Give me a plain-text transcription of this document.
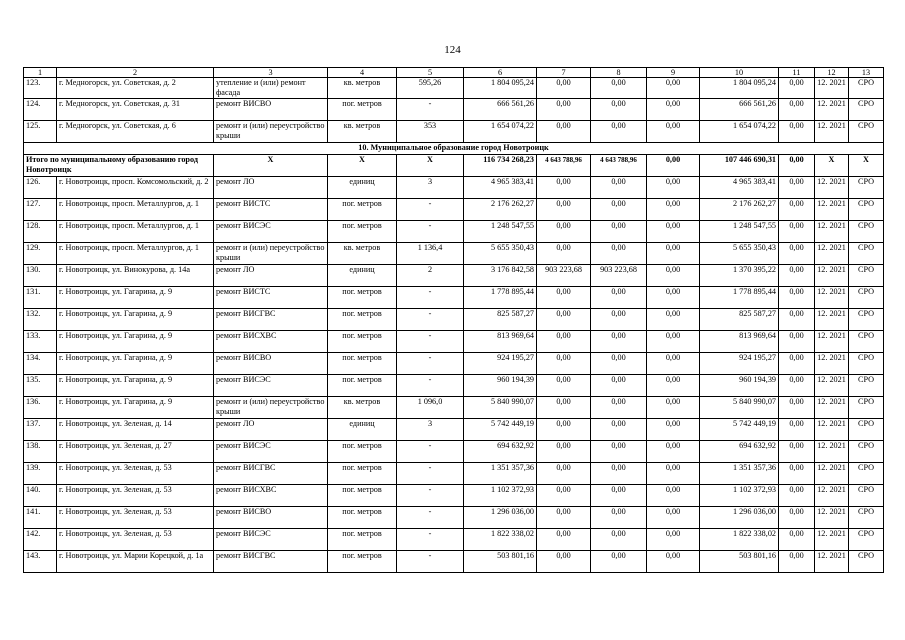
124
1	2	3	4	5	6	7	8	9	10	11	12	13
123.	г. Медногорск, ул. Советская, д. 2	утепление и (или) ремонт фасада	кв. метров	595,26	1 804 095,24	0,00	0,00	0,00	1 804 095,24	0,00	12. 2021	СРО
124.	г. Медногорск, ул. Советская, д. 31	ремонт ВИСВО	пог. метров	-	666 561,26	0,00	0,00	0,00	666 561,26	0,00	12. 2021	СРО
125.	г. Медногорск, ул. Советская, д. 6	ремонт и (или) переустройство крыши	кв. метров	353	1 654 074,22	0,00	0,00	0,00	1 654 074,22	0,00	12. 2021	СРО
10. Муниципальное образование город Новотроицк												
Итого по муниципальному образованию город Новотроицк		Х	Х	Х	116 734 268,23	4 643 788,96	4 643 788,96	0,00	107 446 690,31	0,00	Х	Х
126.	г. Новотроицк, просп. Комсомольский, д. 2	ремонт ЛО	единиц	3	4 965 383,41	0,00	0,00	0,00	4 965 383,41	0,00	12. 2021	СРО
127.	г. Новотроицк, просп. Металлургов, д. 1	ремонт ВИСТС	пог. метров	-	2 176 262,27	0,00	0,00	0,00	2 176 262,27	0,00	12. 2021	СРО
128.	г. Новотроицк, просп. Металлургов, д. 1	ремонт ВИСЭС	пог. метров	-	1 248 547,55	0,00	0,00	0,00	1 248 547,55	0,00	12. 2021	СРО
129.	г. Новотроицк, просп. Металлургов, д. 1	ремонт и (или) переустройство крыши	кв. метров	1 136,4	5 655 350,43	0,00	0,00	0,00	5 655 350,43	0,00	12. 2021	СРО
130.	г. Новотроицк, ул. Винокурова, д. 14а	ремонт ЛО	единиц	2	3 176 842,58	903 223,68	903 223,68	0,00	1 370 395,22	0,00	12. 2021	СРО
131.	г. Новотроицк, ул. Гагарина, д. 9	ремонт ВИСТС	пог. метров	-	1 778 895,44	0,00	0,00	0,00	1 778 895,44	0,00	12. 2021	СРО
132.	г. Новотроицк, ул. Гагарина, д. 9	ремонт ВИСГВС	пог. метров	-	825 587,27	0,00	0,00	0,00	825 587,27	0,00	12. 2021	СРО
133.	г. Новотроицк, ул. Гагарина, д. 9	ремонт ВИСХВС	пог. метров	-	813 969,64	0,00	0,00	0,00	813 969,64	0,00	12. 2021	СРО
134.	г. Новотроицк, ул. Гагарина, д. 9	ремонт ВИСВО	пог. метров	-	924 195,27	0,00	0,00	0,00	924 195,27	0,00	12. 2021	СРО
135.	г. Новотроицк, ул. Гагарина, д. 9	ремонт ВИСЭС	пог. метров	-	960 194,39	0,00	0,00	0,00	960 194,39	0,00	12. 2021	СРО
136.	г. Новотроицк, ул. Гагарина, д. 9	ремонт и (или) переустройство крыши	кв. метров	1 096,0	5 840 990,07	0,00	0,00	0,00	5 840 990,07	0,00	12. 2021	СРО
137.	г. Новотроицк, ул. Зеленая, д. 14	ремонт ЛО	единиц	3	5 742 449,19	0,00	0,00	0,00	5 742 449,19	0,00	12. 2021	СРО
138.	г. Новотроицк, ул. Зеленая, д. 27	ремонт ВИСЭС	пог. метров	-	694 632,92	0,00	0,00	0,00	694 632,92	0,00	12. 2021	СРО
139.	г. Новотроицк, ул. Зеленая, д. 53	ремонт ВИСГВС	пог. метров	-	1 351 357,36	0,00	0,00	0,00	1 351 357,36	0,00	12. 2021	СРО
140.	г. Новотроицк, ул. Зеленая, д. 53	ремонт ВИСХВС	пог. метров	-	1 102 372,93	0,00	0,00	0,00	1 102 372,93	0,00	12. 2021	СРО
141.	г. Новотроицк, ул. Зеленая, д. 53	ремонт ВИСВО	пог. метров	-	1 296 036,00	0,00	0,00	0,00	1 296 036,00	0,00	12. 2021	СРО
142.	г. Новотроицк, ул. Зеленая, д. 53	ремонт ВИСЭС	пог. метров	-	1 822 338,02	0,00	0,00	0,00	1 822 338,02	0,00	12. 2021	СРО
143.	г. Новотроицк, ул. Марии Корецкой, д. 1а	ремонт ВИСГВС	пог. метров	-	503 801,16	0,00	0,00	0,00	503 801,16	0,00	12. 2021	СРО
